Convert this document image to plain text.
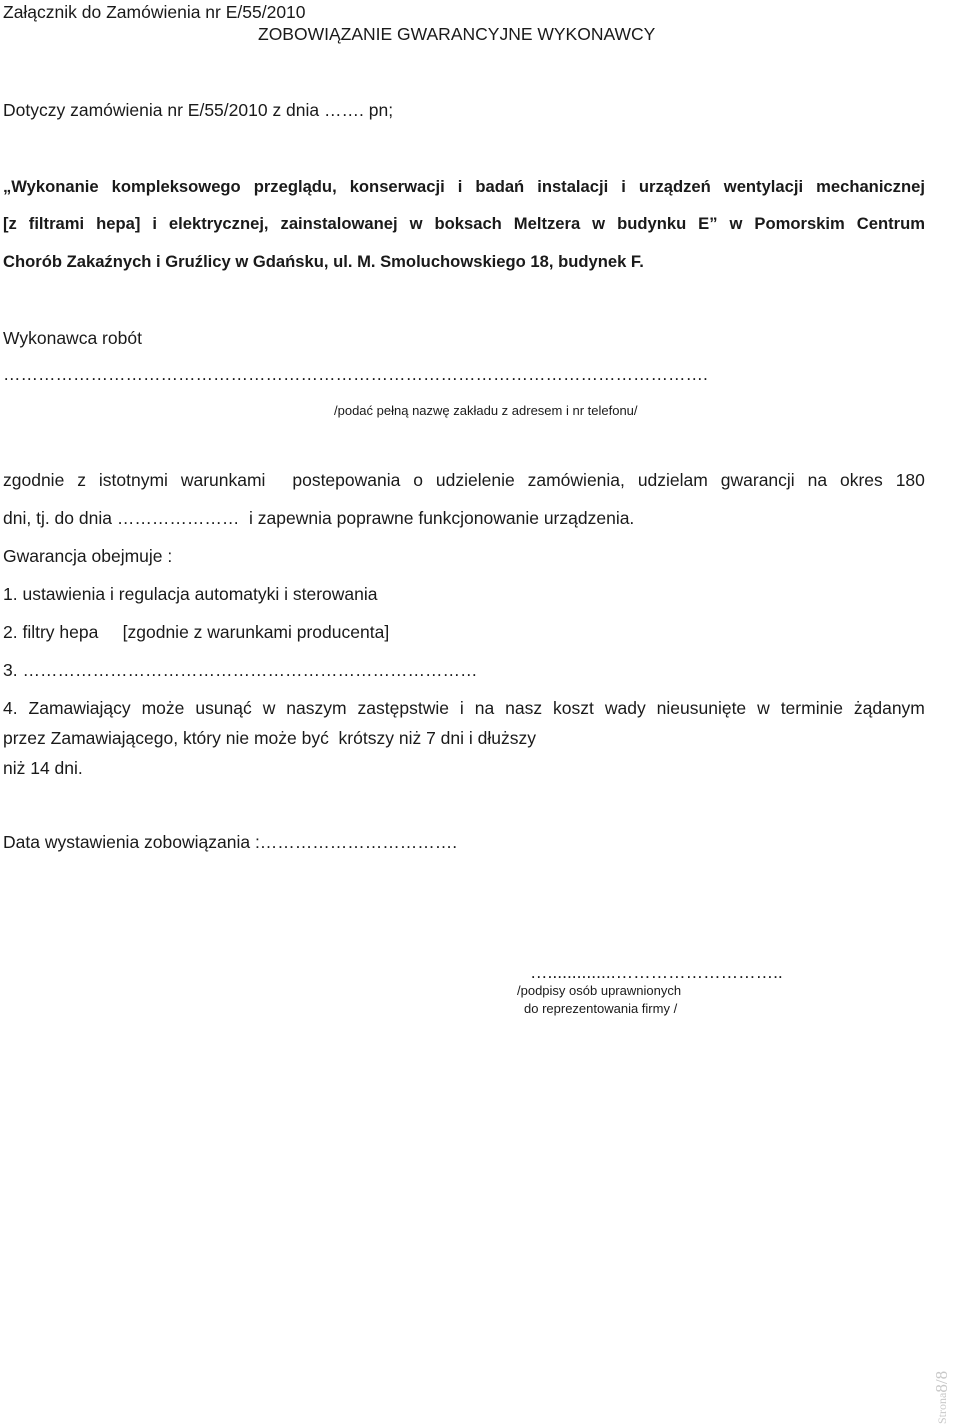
Załącznik do Zamówienia nr E/55/2010

ZOBOWIĄZANIE GWARANCYJNE WYKONAWCY

Dotyczy zamówienia nr E/55/2010 z dnia ……. pn;

„Wykonanie kompleksowego przeglądu, konserwacji i badań instalacji i urządzeń wentylacji mechanicznej
[z filtrami hepa] i elektrycznej, zainstalowanej w boksach Meltzera w budynku E” w Pomorskim Centrum

Chorób Zakaźnych i Gruźlicy w Gdańsku, ul. M. Smoluchowskiego 18, budynek F.

Wykonawca robót

………………………………………………………………………………………………………….

/podać pełną nazwę zakładu z adresem i nr telefonu/

zgodnie z istotnymi warunkami postepowania o udzielenie zamówienia, udzielam gwarancji na okres 180

dni, tj. do dnia …………………  i zapewnia poprawne funkcjonowanie urządzenia.

Gwarancja obejmuje :

1. ustawienia i regulacja automatyki i sterowania

2. filtry hepa     [zgodnie z warunkami producenta]

3. ……………………………………………………………………

4. Zamawiający może usunąć w naszym zastępstwie i na nasz koszt wady nieusunięte w terminie żądanym

przez Zamawiającego, który nie może być  krótszy niż 7 dni i dłuższy

niż 14 dni.

Data wystawienia zobowiązania :…………………………….

…..............………………………..

/podpisy osób uprawnionych

do reprezentowania firmy /

Strona8/8
